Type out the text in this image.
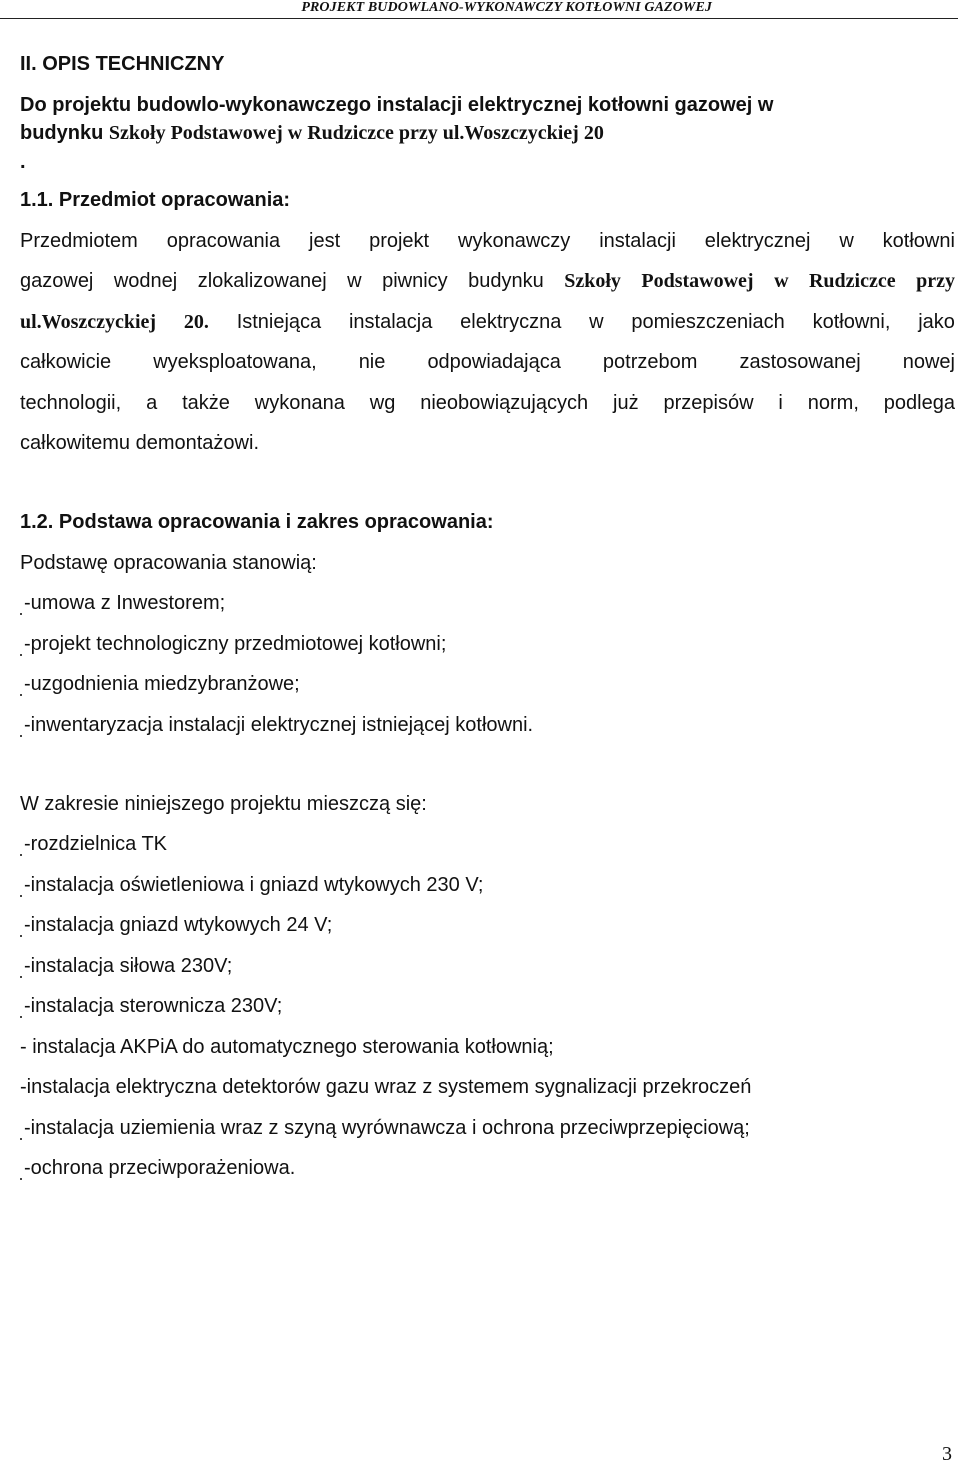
PROJEKT BUDOWLANO-WYKONAWCZY KOTŁOWNI GAZOWEJ
II. OPIS TECHNICZNY
Do projektu budowlo-wykonawczego instalacji elektrycznej kotłowni gazowej w
budynku Szkoły Podstawowej w Rudziczce przy ul.Woszczyckiej 20
.
1.1. Przedmiot opracowania:
Przedmiotem opracowania jest projekt wykonawczy instalacji elektrycznej w kotłowni
gazowej wodnej zlokalizowanej w piwnicy budynku Szkoły Podstawowej w Rudziczce przy
ul.Woszczyckiej 20. Istniejąca instalacja elektryczna w pomieszczeniach kotłowni, jako
całkowicie wyeksploatowana, nie odpowiadająca potrzebom zastosowanej nowej
technologii, a także wykonana wg nieobowiązujących już przepisów i norm, podlega
całkowitemu demontażowi.
1.2. Podstawa opracowania i zakres opracowania:
Podstawę opracowania stanowią:
-umowa z Inwestorem;
-projekt technologiczny przedmiotowej kotłowni;
-uzgodnienia miedzybranżowe;
-inwentaryzacja instalacji elektrycznej istniejącej kotłowni.
W zakresie niniejszego projektu mieszczą się:
-rozdzielnica TK
-instalacja oświetleniowa i gniazd wtykowych 230 V;
-instalacja gniazd wtykowych 24 V;
-instalacja siłowa 230V;
-instalacja sterownicza 230V;
- instalacja AKPiA do automatycznego sterowania kotłownią;
-instalacja elektryczna detektorów gazu wraz z systemem sygnalizacji przekroczeń
-instalacja uziemienia wraz z szyną wyrównawcza i ochrona przeciwprzepięciową;
-ochrona przeciwporażeniowa.
3
